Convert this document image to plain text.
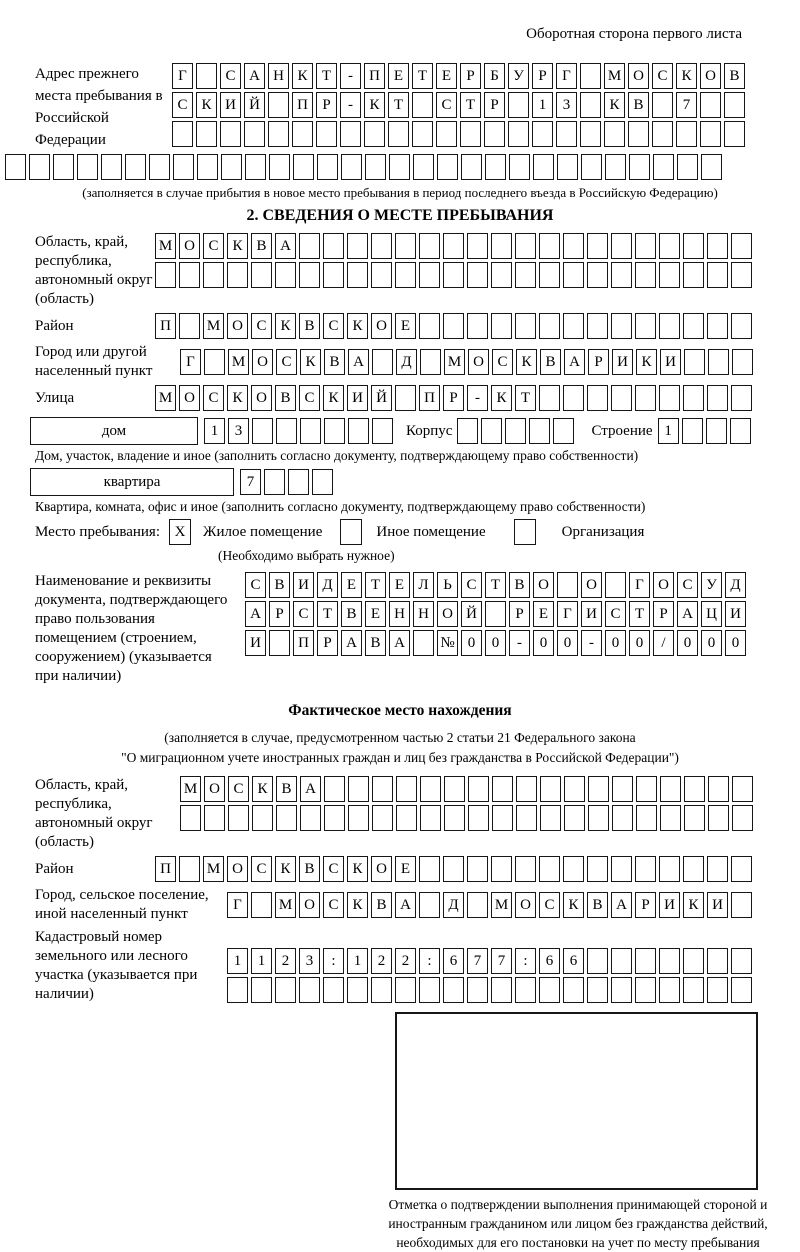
Оборотная сторона первого листа
Адрес прежнего места пребывания в Российской Федерации
Г	С А Н К Т	-	П Е Т Е	Р	Б У Р	Г	М О С К О В
С К И Й	П Р	-	К Т	С Т	Р	1	3	К В	7
(заполняется в случае прибытия в новое место пребывания в период последнего въезда в Российскую Федерацию)
2. СВЕДЕНИЯ О МЕСТЕ ПРЕБЫВАНИЯ
Область, край, республика, автономный округ (область)
М О С К В А
Район	П	М О С К В С К О Е
Город или другой населенный пункт
Г	М О С К В А	Д	М О С К В А Р И К И
Улица	М О С К О В С К И Й	П Р	-	К Т
дом	1	3	Корпус	Строение 1
Дом, участок, владение и иное (заполнить согласно документу, подтверждающему право собственности)
квартира	7
Квартира, комната, офис и иное (заполнить согласно документу, подтверждающему право собственности)
Место пребывания: X	Жилое помещение	Иное помещение	Организация
(Необходимо выбрать нужное)
Наименование и реквизиты документа, подтверждающего право пользования помещением (строением, сооружением) (указывается при наличии)
С В И Д Е Т Е Л Ь С Т В О	О	Г О С У Д
А Р С Т В Е Н Н О Й	Р	Е	Г И С Т	Р А Ц И
И	П Р А В А	№ 0	0	-	0	0	-	0	0	/	0	0	0
Фактическое место нахождения
(заполняется в случае, предусмотренном частью 2 статьи 21 Федерального закона
"О миграционном учете иностранных граждан и лиц без гражданства в Российской Федерации")
Область, край, республика, автономный округ (область)
М О С К В А
Район	П	М О С К В С К О Е
Город, сельское поселение, иной населенный пункт
Г	М О С К В А	Д	М О С К В А Р И К И
Кадастровый номер земельного или лесного участка (указывается при наличии)
1	1	2	3	:	1	2	2	:	6	7	7	:	6	6
Отметка о подтверждении выполнения принимающей стороной и иностранным гражданином или лицом без гражданства действий, необходимых для его постановки на учет по месту пребывания
